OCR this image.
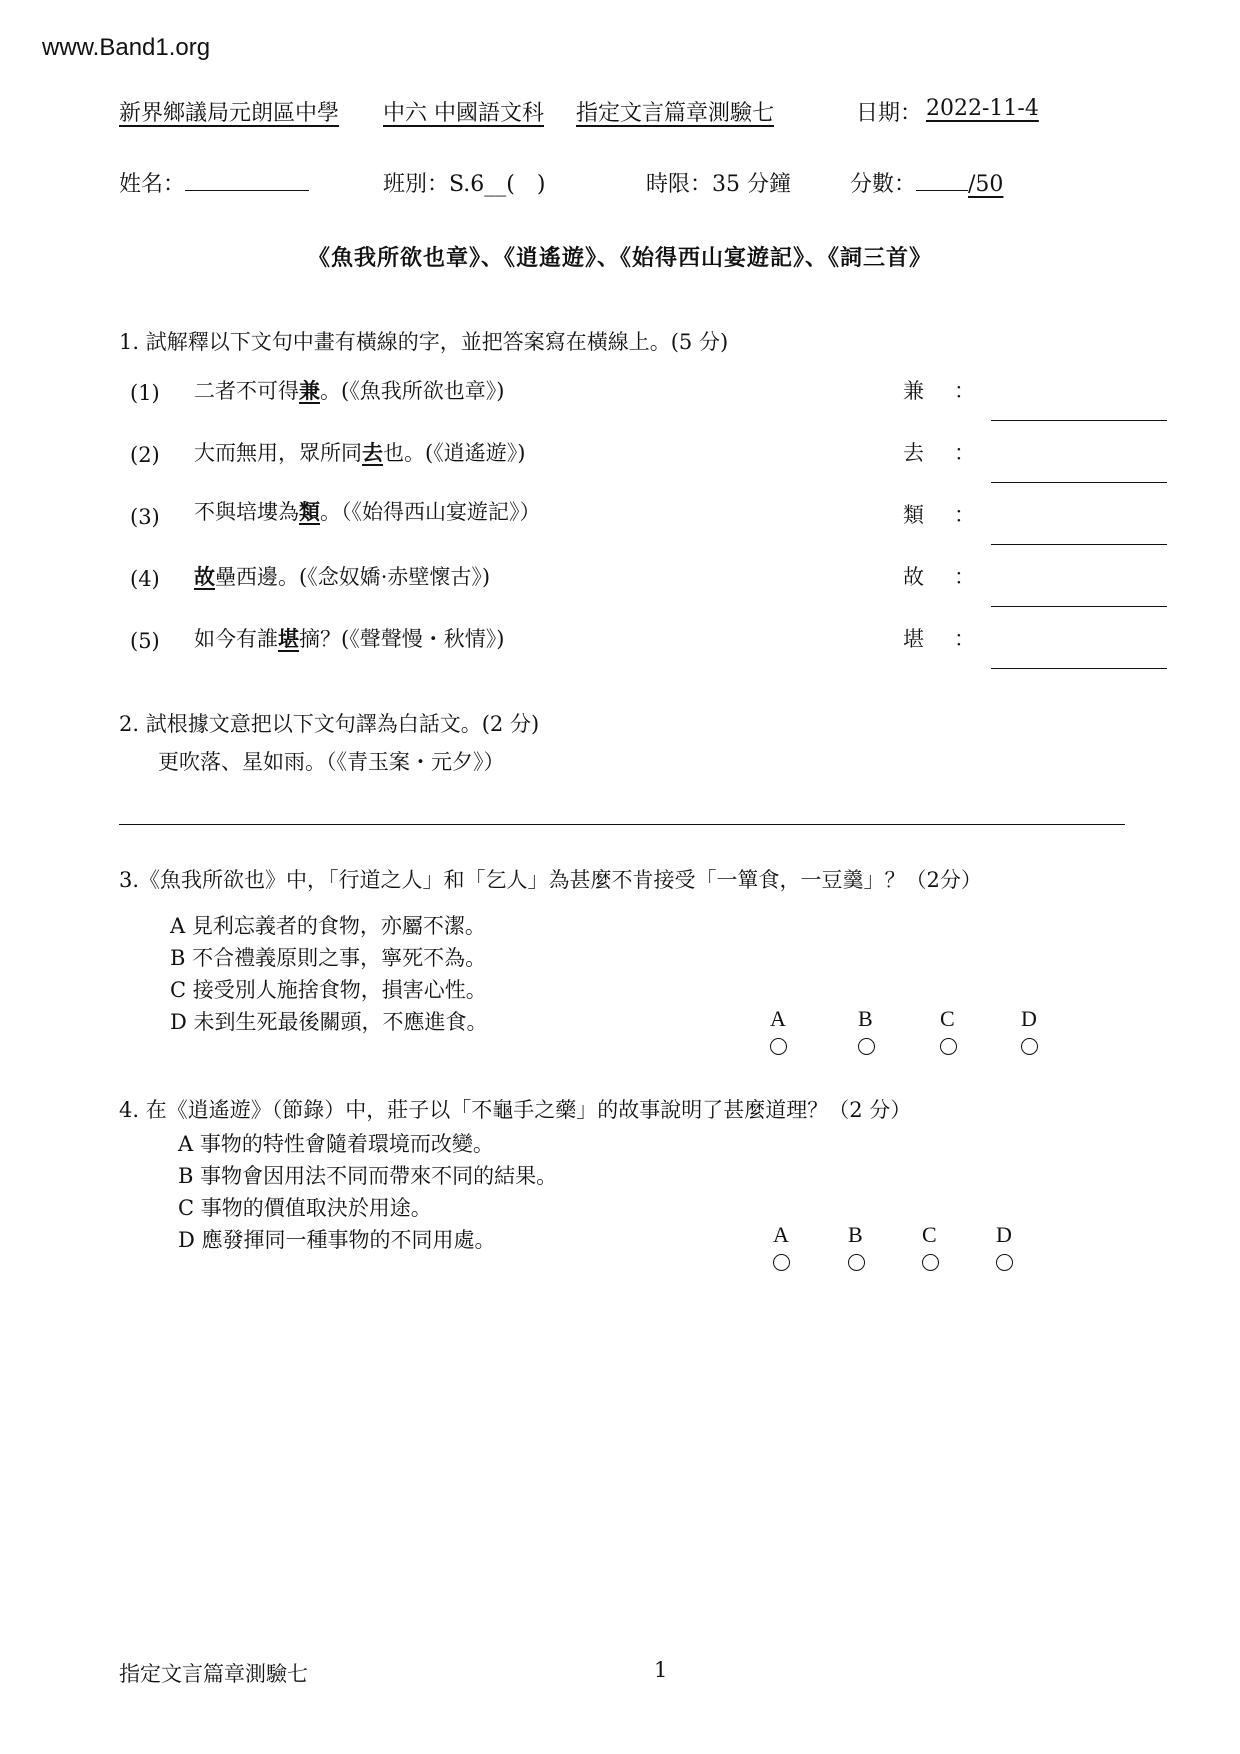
www.Band1.org
新界鄉議局元朗區中學 中六 中國語文科 指定文言篇章測驗七	日期： 2022-11-4
姓名：	班別：S.6__(　)	時限：35 分鐘	分數： /50
《魚我所欲也章》、《逍遙遊》、《始得西山宴遊記》、《詞三首》
1. 試解釋以下文句中畫有橫線的字，並把答案寫在橫線上。(5 分)
(1) 二者不可得兼。(《魚我所欲也章》)	兼 ：
(2) 大而無用，眾所同去也。(《逍遙遊》)	去 ：
(3) 不與培塿為類。（《始得西山宴遊記》）	類 ：
(4) 故壘西邊。(《念奴嬌·赤壁懷古》)	故 ：
(5) 如今有誰堪摘？(《聲聲慢・秋情》)	堪 ：
2. 試根據文意把以下文句譯為白話文。(2 分)
更吹落、星如雨。（《青玉案・元夕》）
3.《魚我所欲也》中，「行道之人」和「乞人」為甚麼不肯接受「一簞食，一豆羹」？（2分）
A 見利忘義者的食物，亦屬不潔。
B 不合禮義原則之事，寧死不為。
C 接受別人施捨食物，損害心性。
D 未到生死最後關頭，不應進食。	A	B	C	D
4. 在《逍遙遊》（節錄）中，莊子以「不龜手之藥」的故事說明了甚麼道理？（2 分）
A 事物的特性會隨着環境而改變。
B 事物會因用法不同而帶來不同的結果。
C 事物的價值取決於用途。
D 應發揮同一種事物的不同用處。	A	B	C	D
指定文言篇章測驗七	1
